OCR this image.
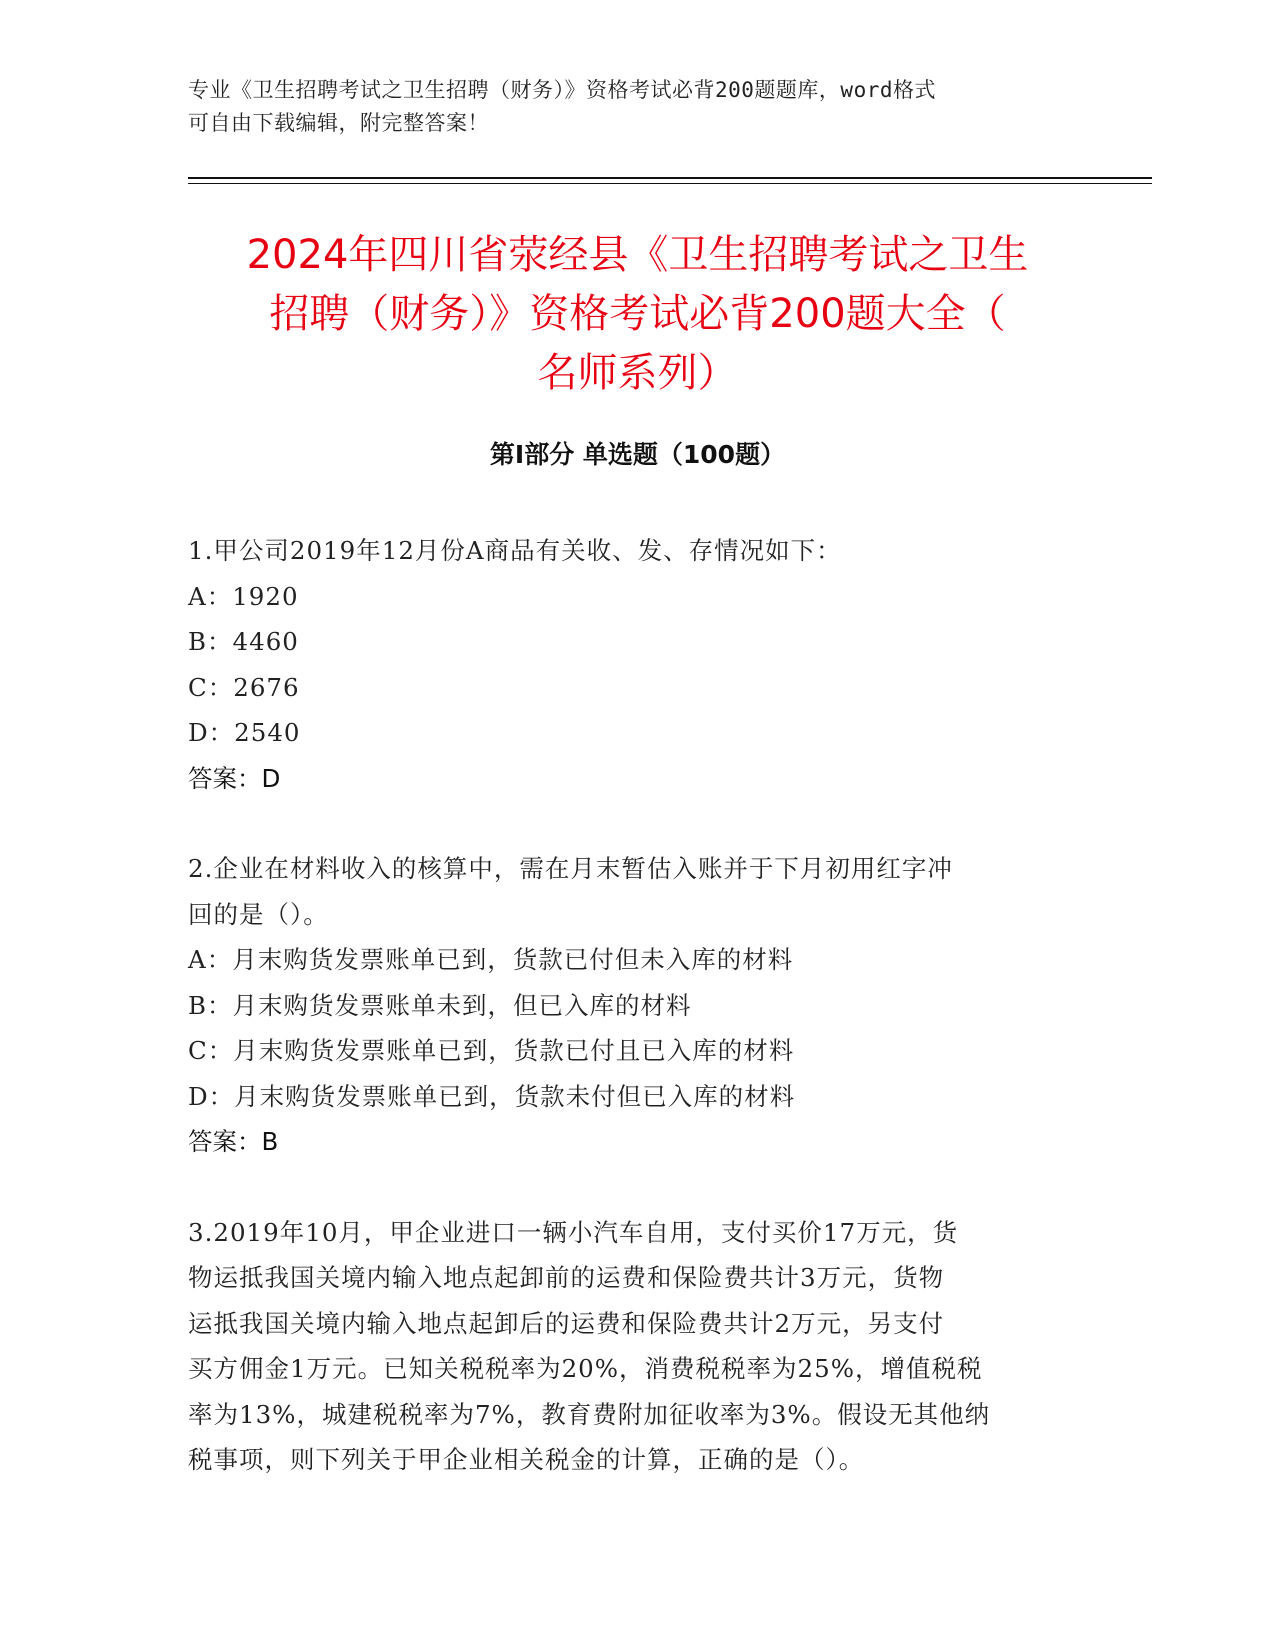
专业《卫生招聘考试之卫生招聘（财务）》资格考试必背200题题库，word格式
可自由下载编辑，附完整答案！
2024年四川省荥经县《卫生招聘考试之卫生
招聘（财务）》资格考试必背200题大全（
名师系列）
第Ⅰ部分 单选题（100题）

1.甲公司2019年12月份A商品有关收、发、存情况如下：

A： 1920

B： 4460

C： 2676

D： 2540

答案：D

2.企业在材料收入的核算中，需在月末暂估入账并于下月初用红字冲

回的是（）。

A： 月末购货发票账单已到，货款已付但未入库的材料

B： 月末购货发票账单未到，但已入库的材料

C： 月末购货发票账单已到，货款已付且已入库的材料

D： 月末购货发票账单已到，货款未付但已入库的材料

答案：B

3.2019年10月，甲企业进口一辆小汽车自用，支付买价17万元，货

物运抵我国关境内输入地点起卸前的运费和保险费共计3万元，货物

运抵我国关境内输入地点起卸后的运费和保险费共计2万元，另支付

买方佣金1万元。已知关税税率为20%，消费税税率为25%，增值税税

率为13%，城建税税率为7%，教育费附加征收率为3%。假设无其他纳

税事项，则下列关于甲企业相关税金的计算，正确的是（）。
